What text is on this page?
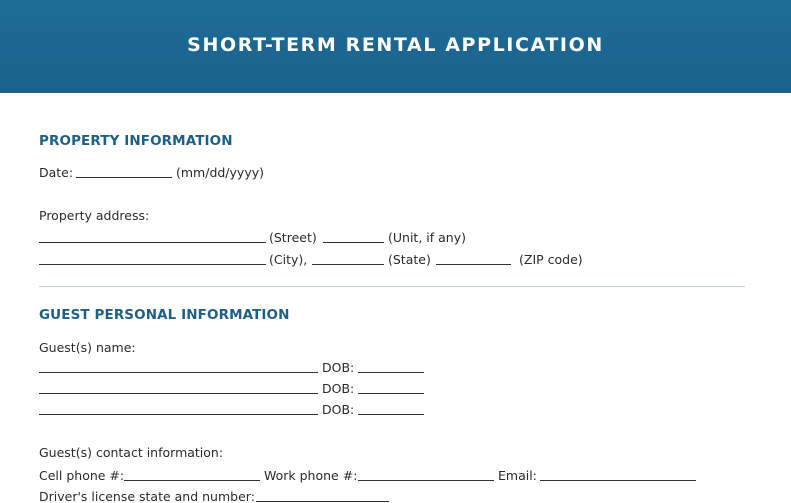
SHORT-TERM RENTAL APPLICATION
PROPERTY INFORMATION
Date:	(mm/dd/yyyy)
Property address:
(Street)	(Unit, if any)
(City),	(State)	(ZIP code)
GUEST PERSONAL INFORMATION
Guest(s) name:
DOB:
DOB:
DOB:
Guest(s) contact information:
Cell phone #:	Work phone #:	Email:
Driver's license state and number:
